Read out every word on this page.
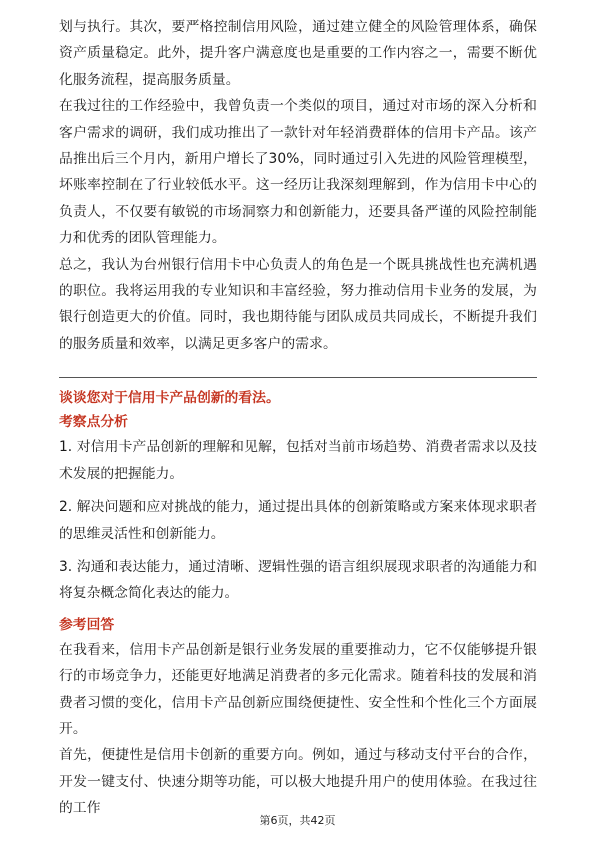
划与执行。其次，要严格控制信用风险，通过建立健全的风险管理体系，确保资产质量稳定。此外，提升客户满意度也是重要的工作内容之一，需要不断优化服务流程，提高服务质量。

在我过往的工作经验中，我曾负责一个类似的项目，通过对市场的深入分析和客户需求的调研，我们成功推出了一款针对年轻消费群体的信用卡产品。该产品推出后三个月内，新用户增长了30%，同时通过引入先进的风险管理模型，坏账率控制在了行业较低水平。这一经历让我深刻理解到，作为信用卡中心的负责人，不仅要有敏锐的市场洞察力和创新能力，还要具备严谨的风险控制能力和优秀的团队管理能力。

总之，我认为台州银行信用卡中心负责人的角色是一个既具挑战性也充满机遇的职位。我将运用我的专业知识和丰富经验，努力推动信用卡业务的发展，为银行创造更大的价值。同时，我也期待能与团队成员共同成长，不断提升我们的服务质量和效率，以满足更多客户的需求。

谈谈您对于信用卡产品创新的看法。

考察点分析

1. 对信用卡产品创新的理解和见解，包括对当前市场趋势、消费者需求以及技术发展的把握能力。

2. 解决问题和应对挑战的能力，通过提出具体的创新策略或方案来体现求职者的思维灵活性和创新能力。

3. 沟通和表达能力，通过清晰、逻辑性强的语言组织展现求职者的沟通能力和将复杂概念简化表达的能力。

参考回答

在我看来，信用卡产品创新是银行业务发展的重要推动力，它不仅能够提升银行的市场竞争力，还能更好地满足消费者的多元化需求。随着科技的发展和消费者习惯的变化，信用卡产品创新应围绕便捷性、安全性和个性化三个方面展开。

首先，便捷性是信用卡创新的重要方向。例如，通过与移动支付平台的合作，开发一键支付、快速分期等功能，可以极大地提升用户的使用体验。在我过往的工作

第6页，共42页
